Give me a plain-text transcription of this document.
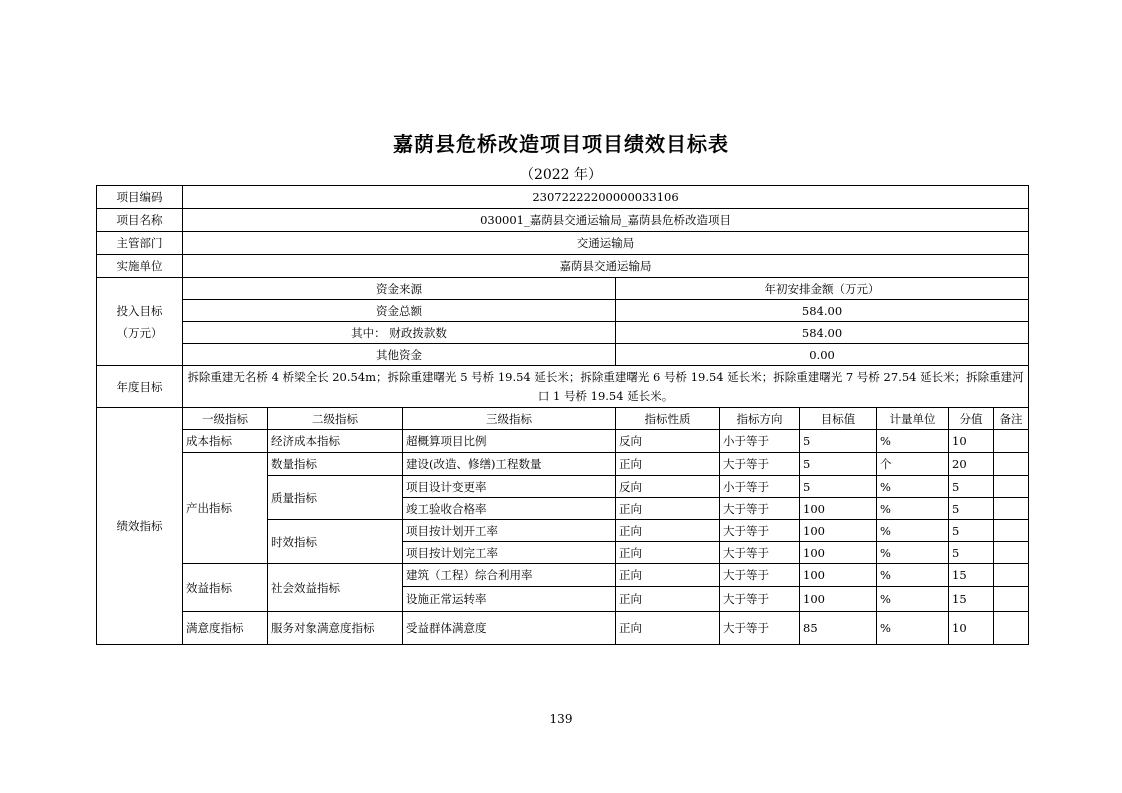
嘉荫县危桥改造项目项目绩效目标表
（2022 年）
项目编码	23072222200000033106								
项目名称	030001_嘉荫县交通运输局_嘉荫县危桥改造项目								
主管部门	交通运输局								
实施单位	嘉荫县交通运输局								

投入目标
（万元）	资金来源			年初安排金额（万元）					
	资金总额			584.00					
	其中： 财政拨款数			584.00					
	其他资金			0.00					
年度目标	拆除重建无名桥 4 桥梁全长 20.54m；拆除重建曙光 5 号桥 19.54 延长米；拆除重建曙光 6 号桥 19.54 延长米；拆除重建曙光 7 号桥 27.54 延长米；拆除重建河口 1 号桥 19.54 延长米。								
绩效指标	一级指标	二级指标	三级指标	指标性质	指标方向	目标值	计量单位	分值	备注
	成本指标	经济成本指标	超概算项目比例	反向	小于等于	5	%	10	
	产出指标	数量指标	建设(改造、修缮)工程数量	正向	大于等于	5	个	20	
		质量指标	项目设计变更率	反向	小于等于	5	%	5	
			竣工验收合格率	正向	大于等于	100	%	5	
		时效指标	项目按计划开工率	正向	大于等于	100	%	5	
			项目按计划完工率	正向	大于等于	100	%	5	
	效益指标	社会效益指标	建筑（工程）综合利用率	正向	大于等于	100	%	15	
			设施正常运转率	正向	大于等于	100	%	15	
	满意度指标	服务对象满意度指标	受益群体满意度	正向	大于等于	85	%	10	
139
